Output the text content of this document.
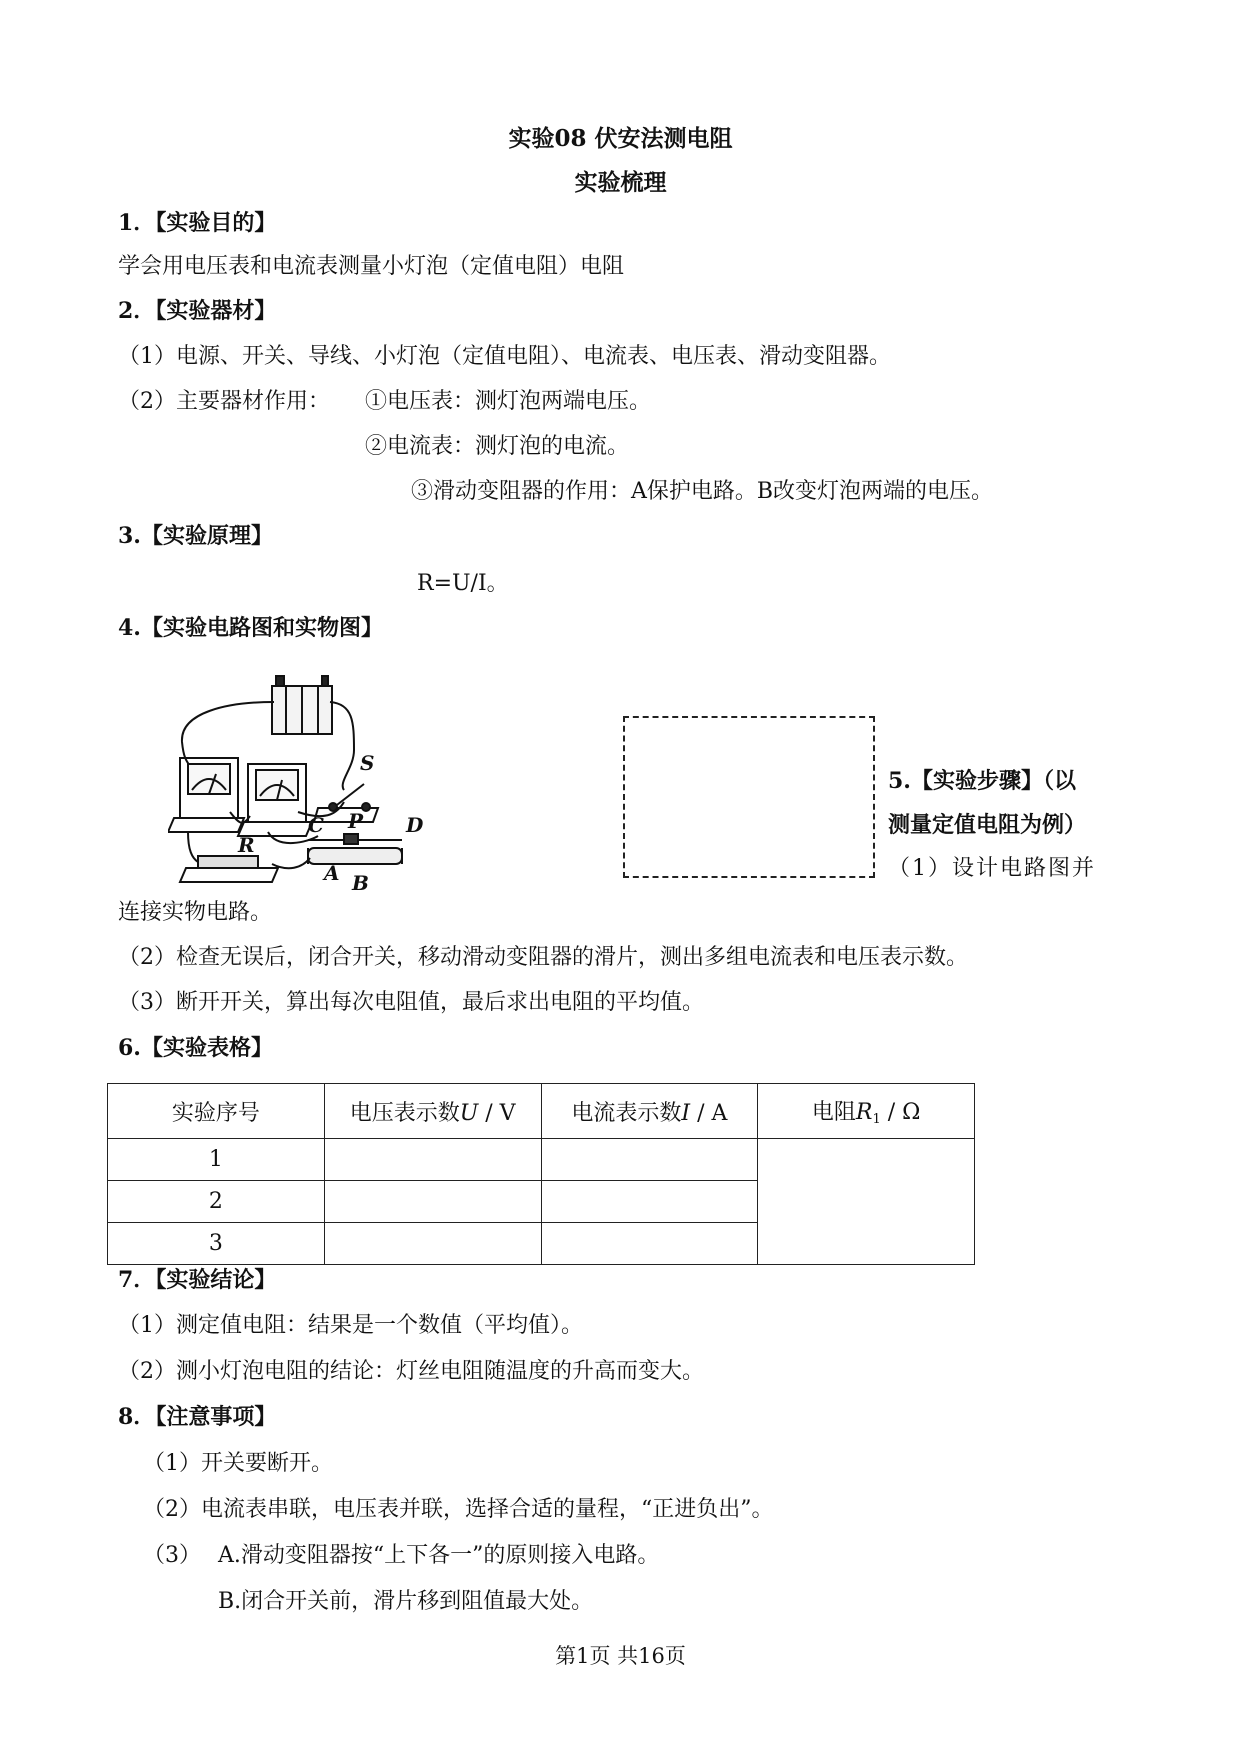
实验08 伏安法测电阻
实验梳理
1．【实验目的】
学会用电压表和电流表测量小灯泡（定值电阻）电阻
2．【实验器材】
（1）电源、开关、导线、小灯泡（定值电阻）、电流表、电压表、滑动变阻器。
（2）主要器材作用： ①电压表：测灯泡两端电压。
②电流表：测灯泡的电流。
③滑动变阻器的作用：A保护电路。B改变灯泡两端的电压。
3.【实验原理】
R=U/I。
4.【实验电路图和实物图】
S
R
C P D
A B
5.【实验步骤】（以
测量定值电阻为例）
（1）设计电路图并
连接实物电路。
（2）检查无误后，闭合开关，移动滑动变阻器的滑片，测出多组电流表和电压表示数。
（3）断开开关，算出每次电阻值，最后求出电阻的平均值。
6.【实验表格】
实验序号	电压表示数U / V	电流表示数I / A	电阻$R_1$ / Ω
1			
2			
3			
7．【实验结论】
（1）测定值电阻：结果是一个数值（平均值）。
（2）测小灯泡电阻的结论：灯丝电阻随温度的升高而变大。
8．【注意事项】
（1）开关要断开。
（2）电流表串联，电压表并联，选择合适的量程，“正进负出”。
（3） A.滑动变阻器按“上下各一”的原则接入电路。
B.闭合开关前，滑片移到阻值最大处。
第1页 共16页
